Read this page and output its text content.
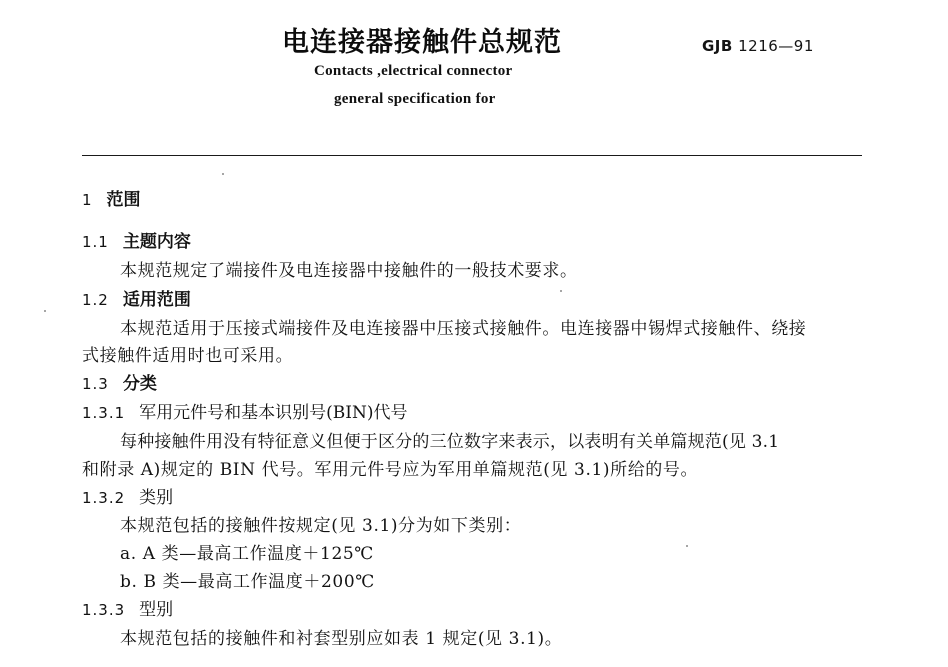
电连接器接触件总规范	GJB 1216—91
Contacts ,electrical connector
general specification for
1 范围
1.1 主题内容
本规范规定了端接件及电连接器中接触件的一般技术要求。
1.2 适用范围
本规范适用于压接式端接件及电连接器中压接式接触件。电连接器中锡焊式接触件、绕接
式接触件适用时也可采用。
1.3 分类
1.3.1 军用元件号和基本识别号(BIN)代号
每种接触件用没有特征意义但便于区分的三位数字来表示，以表明有关单篇规范(见 3.1
和附录 A)规定的 BIN 代号。军用元件号应为军用单篇规范(见 3.1)所给的号。
1.3.2 类别
本规范包括的接触件按规定(见 3.1)分为如下类别：
a. A 类—最高工作温度＋125℃
b. B 类—最高工作温度＋200℃
1.3.3 型别
本规范包括的接触件和衬套型别应如表 1 规定(见 3.1)。
